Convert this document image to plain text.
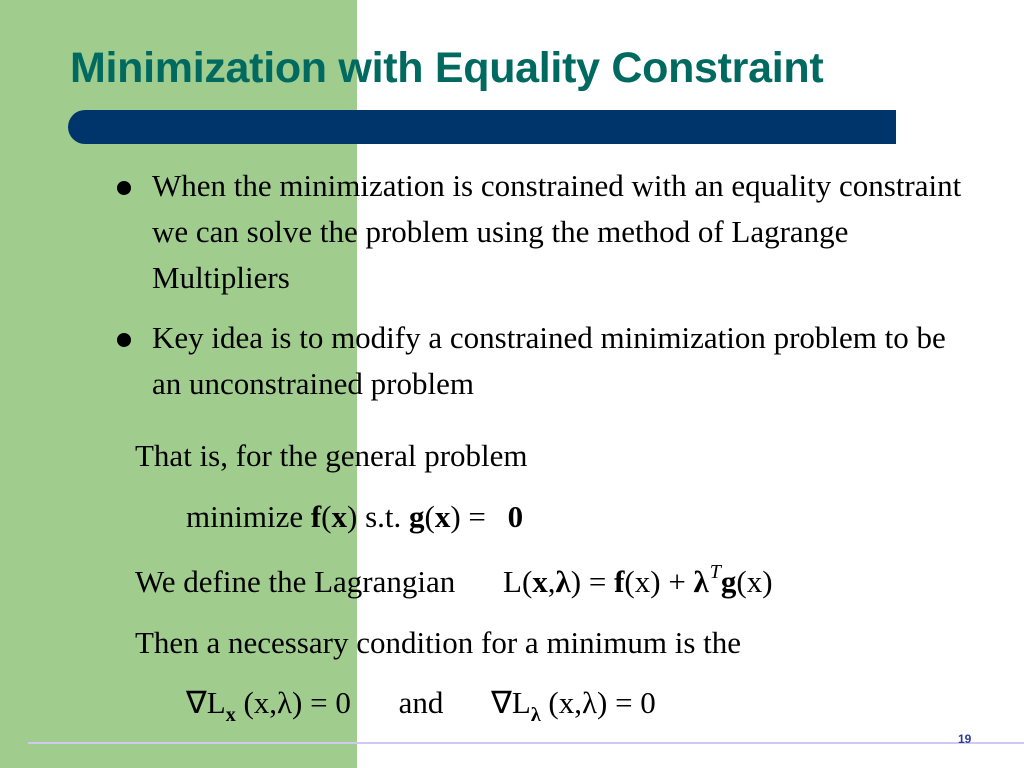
Minimization with Equality Constraint
When the minimization is constrained with an equality constraint we can solve the problem using the method of Lagrange Multipliers
Key idea is to modify a constrained minimization problem to be an unconstrained problem
That is, for the general problem
minimize f(x) s.t. g(x) = 0
We define the Lagrangian $L(x,\lambda) = f(x) + \lambda^Tg(x)$
Then a necessary condition for a minimum is the
$\nabla L_x$ (x,λ) = 0 and $\nabla L_\lambda$ (x,λ) = 0
19
